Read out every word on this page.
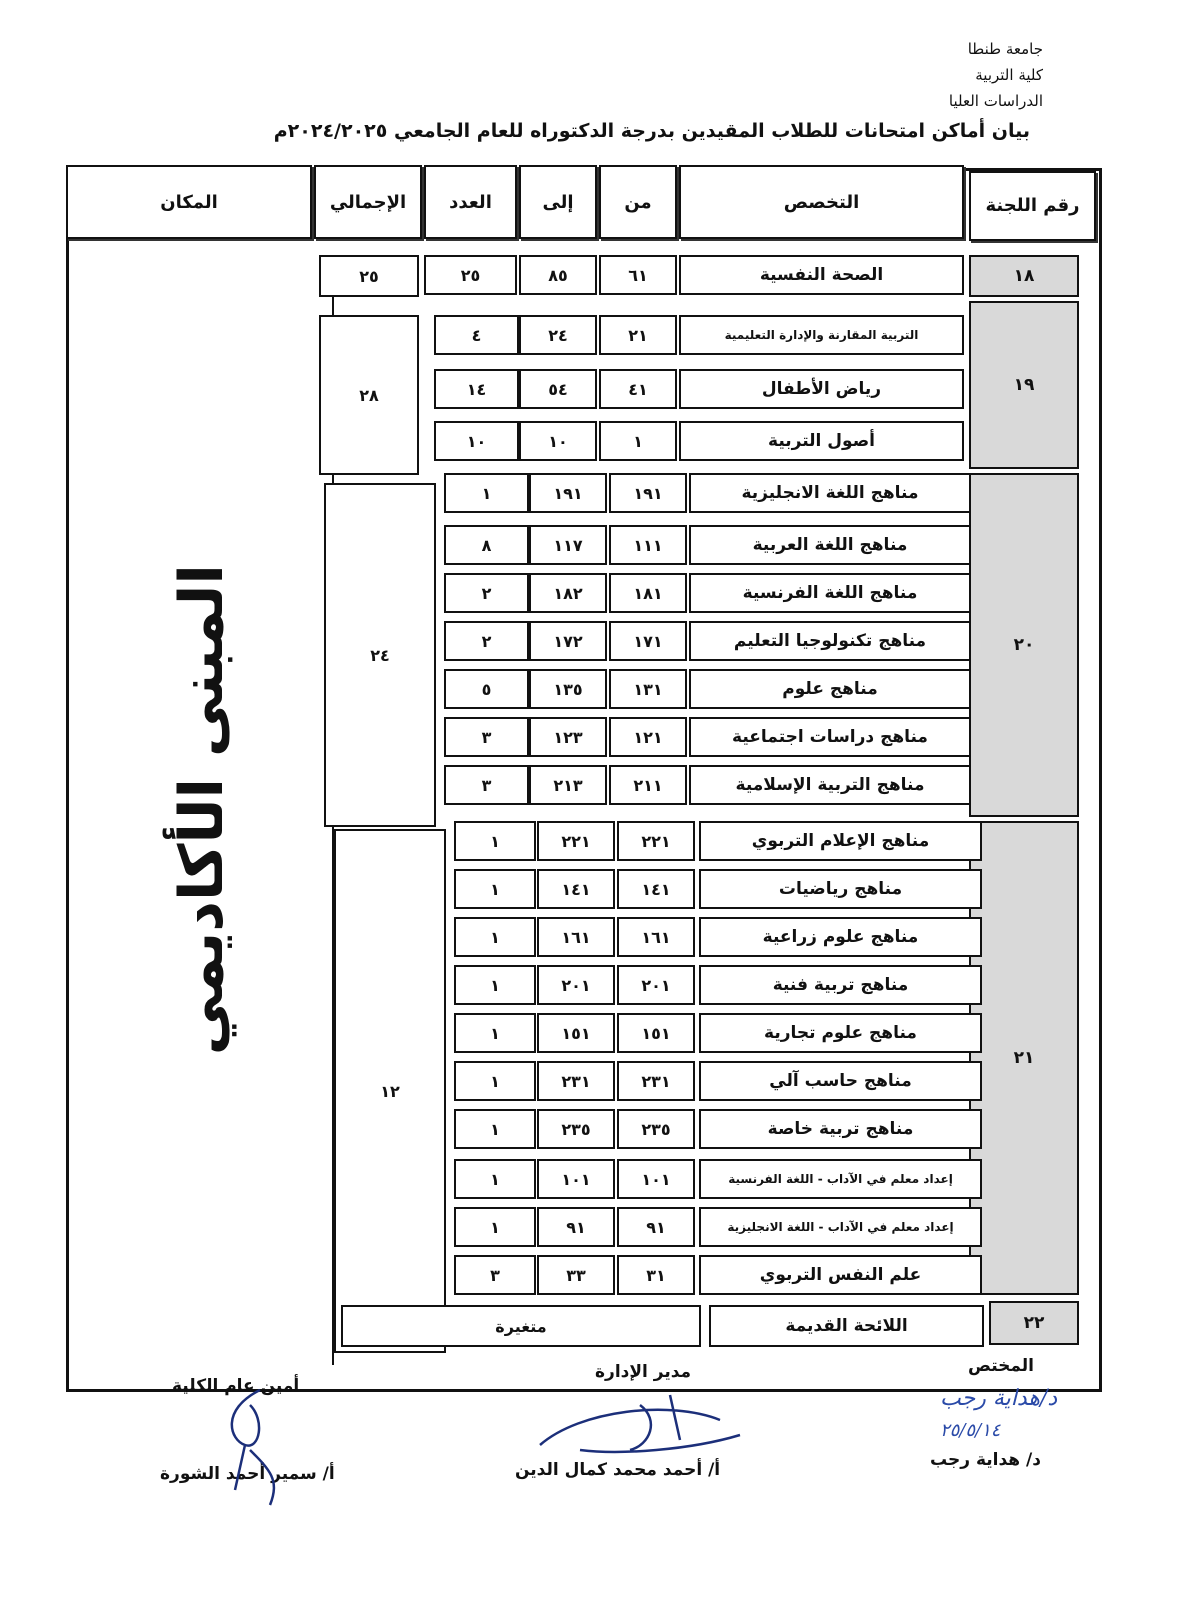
جامعة طنطا
كلية التربية
الدراسات العليا
بيان أماكن امتحانات للطلاب المقيدين بدرجة الدكتوراه للعام الجامعي ٢٠٢٤/٢٠٢٥م
رقم اللجنة
التخصص
من
إلى
العدد
الإجمالي
المكان
المبنى الأكاديمي
١٨
١٩
٢٠
٢١
٢٢
٢٥
٢٨
٢٤
١٢
الصحة النفسية
٦١
٨٥
٢٥
التربية المقارنة والإدارة التعليمية
٢١
٢٤
٤
رياض الأطفال
٤١
٥٤
١٤
أصول التربية
١
١٠
١٠
مناهج اللغة الانجليزية
١٩١
١٩١
١
مناهج اللغة العربية
١١١
١١٧
٨
مناهج اللغة الفرنسية
١٨١
١٨٢
٢
مناهج تكنولوجيا التعليم
١٧١
١٧٢
٢
مناهج علوم
١٣١
١٣٥
٥
مناهج دراسات اجتماعية
١٢١
١٢٣
٣
مناهج التربية الإسلامية
٢١١
٢١٣
٣
مناهج الإعلام التربوي
٢٢١
٢٢١
١
مناهج رياضيات
١٤١
١٤١
١
مناهج علوم زراعية
١٦١
١٦١
١
مناهج تربية فنية
٢٠١
٢٠١
١
مناهج علوم تجارية
١٥١
١٥١
١
مناهج حاسب آلي
٢٣١
٢٣١
١
مناهج تربية خاصة
٢٣٥
٢٣٥
١
إعداد معلم في الآداب - اللغة الفرنسية
١٠١
١٠١
١
إعداد معلم في الآداب - اللغة الانجليزية
٩١
٩١
١
علم النفس التربوي
٣١
٣٣
٣
اللائحة القديمة
متغيرة
المختص
د/هداية رجب
٢٥/٥/١٤
د/ هداية رجب
مدير الإدارة
أ/ أحمد محمد كمال الدين
أمين عام الكلية
أ/ سمير أحمد الشورة
